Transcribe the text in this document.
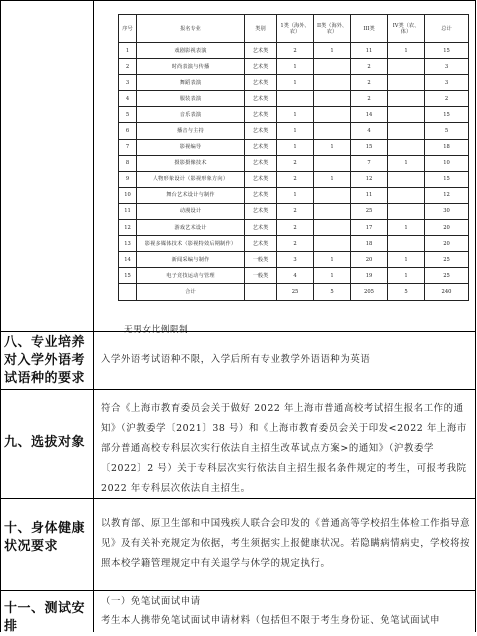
序号	报名专业	类别	1类（海外、农）	II类（海外、农）	III类	IV类（农、体）	总计
1	戏剧影视表演	艺术类	2	1	11	1	15
2	时尚表演与传播	艺术类	1		2		3
3	舞蹈表演	艺术类	1		2		3
4	服装表演	艺术类			2		2
5	音乐表演	艺术类	1		14		15
6	播音与主持	艺术类	1		4		5
7	影视编导	艺术类	1	1	15		18
8	摄影摄像技术	艺术类	2		7	1	10
9	人物形象设计（影视形象方向）	艺术类	2	1	12		15
10	舞台艺术设计与制作	艺术类	1		11		12
11	动漫设计	艺术类	2		25		30
12	游戏艺术设计	艺术类	2		17	1	20
13	影视多媒体技术（影视特效后期制作）	艺术类	2		18		20
14	新闻采编与制作	一般类	3	1	20	1	25
15	电子竞技运动与管理	一般类	4	1	19	1	25
	合计		25	5	205	5	240
无男女比例限制
八、专业培养对入学外语考试语种的要求
入学外语考试语种不限，入学后所有专业教学外语语种为英语
九、选拔对象
符合《上海市教育委员会关于做好 2022 年上海市普通高校考试招生报名工作的通知》（沪教委学〔2021〕38 号）和《上海市教育委员会关于印发<2022 年上海市部分普通高校专科层次实行依法自主招生改革试点方案>的通知》（沪教委学〔2022〕2 号）关于专科层次实行依法自主招生报名条件规定的考生，可报考我院 2022 年专科层次依法自主招生。
十、身体健康状况要求
以教育部、原卫生部和中国残疾人联合会印发的《普通高等学校招生体检工作指导意见》及有关补充规定为依据，考生须据实上报健康状况。若隐瞒病情病史，学校将按照本校学籍管理规定中有关退学与休学的规定执行。
十一、测试安排
（一）免笔试面试申请
考生本人携带免笔试面试申请材料（包括但不限于考生身份证、免笔试面试申
